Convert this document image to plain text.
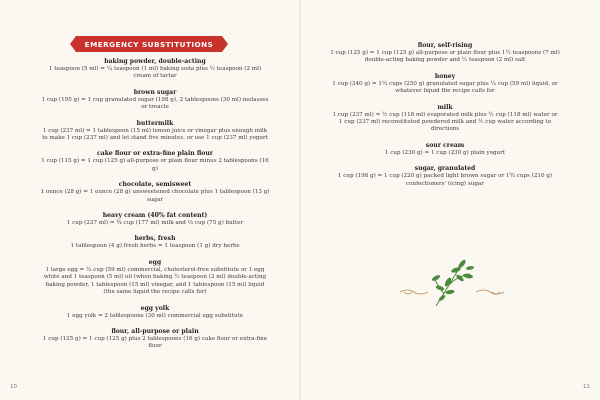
EMERGENCY SUBSTITUTIONS
baking powder, double-acting
1 teaspoon (5 ml) = ¼ teaspoon (1 ml) baking soda plus ½ teaspoon (2 ml) cream of tartar
brown sugar
1 cup (195 g) = 1 cup granulated sugar (198 g), 2 tablespoons (30 ml) molasses or treacle
buttermilk
1 cup (237 ml) = 1 tablespoon (15 ml) lemon juice or vinegar plus enough milk to make 1 cup (237 ml) and let stand five minutes, or use 1 cup (237 ml) yogurt
cake flour or extra-fine plain flour
1 cup (115 g) = 1 cup (125 g) all-purpose or plain flour minus 2 tablespoons (16 g)
chocolate, semisweet
1 ounce (28 g) = 1 ounce (28 g) unsweetened chocolate plus 1 tablespoon (13 g) sugar
heavy cream (40% fat content)
1 cup (237 ml) = ¾ cup (177 ml) milk and ⅓ cup (75 g) butter
herbs, fresh
1 tablespoon (4 g) fresh herbs = 1 teaspoon (1 g) dry herbs
egg
1 large egg = ¼ cup (59 ml) commercial, cholesterol-free substitute or 1 egg white and 1 teaspoon (5 ml) oil (when baking ½ teaspoon (2 ml) double-acting baking powder, 1 tablespoon (15 ml) vinegar, and 1 tablespoon (15 ml) liquid (the same liquid the recipe calls for)
egg yolk
1 egg yolk = 2 tablespoons (30 ml) commercial egg substitute
flour, all-purpose or plain
1 cup (125 g) = 1 cup (125 g) plus 2 tablespoons (16 g) cake flour or extra-fine flour
10
flour, self-rising
1 cup (125 g) = 1 cup (125 g) all-purpose or plain flour plus 1½ teaspoons (7 ml) double-acting baking powder and ½ teaspoon (2 ml) salt
honey
1 cup (340 g) = 1¼ cups (250 g) granulated sugar plus ¼ cup (59 ml) liquid, or whatever liquid the recipe calls for
milk
1 cup (237 ml) = ½ cup (118 ml) evaporated milk plus ½ cup (118 ml) water or 1 cup (237 ml) reconstituted powdered milk and ½ cup water according to directions
sour cream
1 cup (230 g) = 1 cup (230 g) plain yogurt
sugar, granulated
1 cup (198 g) = 1 cup (220 g) packed light brown sugar or 1¾ cups (210 g) confectioners' (icing) sugar
11
